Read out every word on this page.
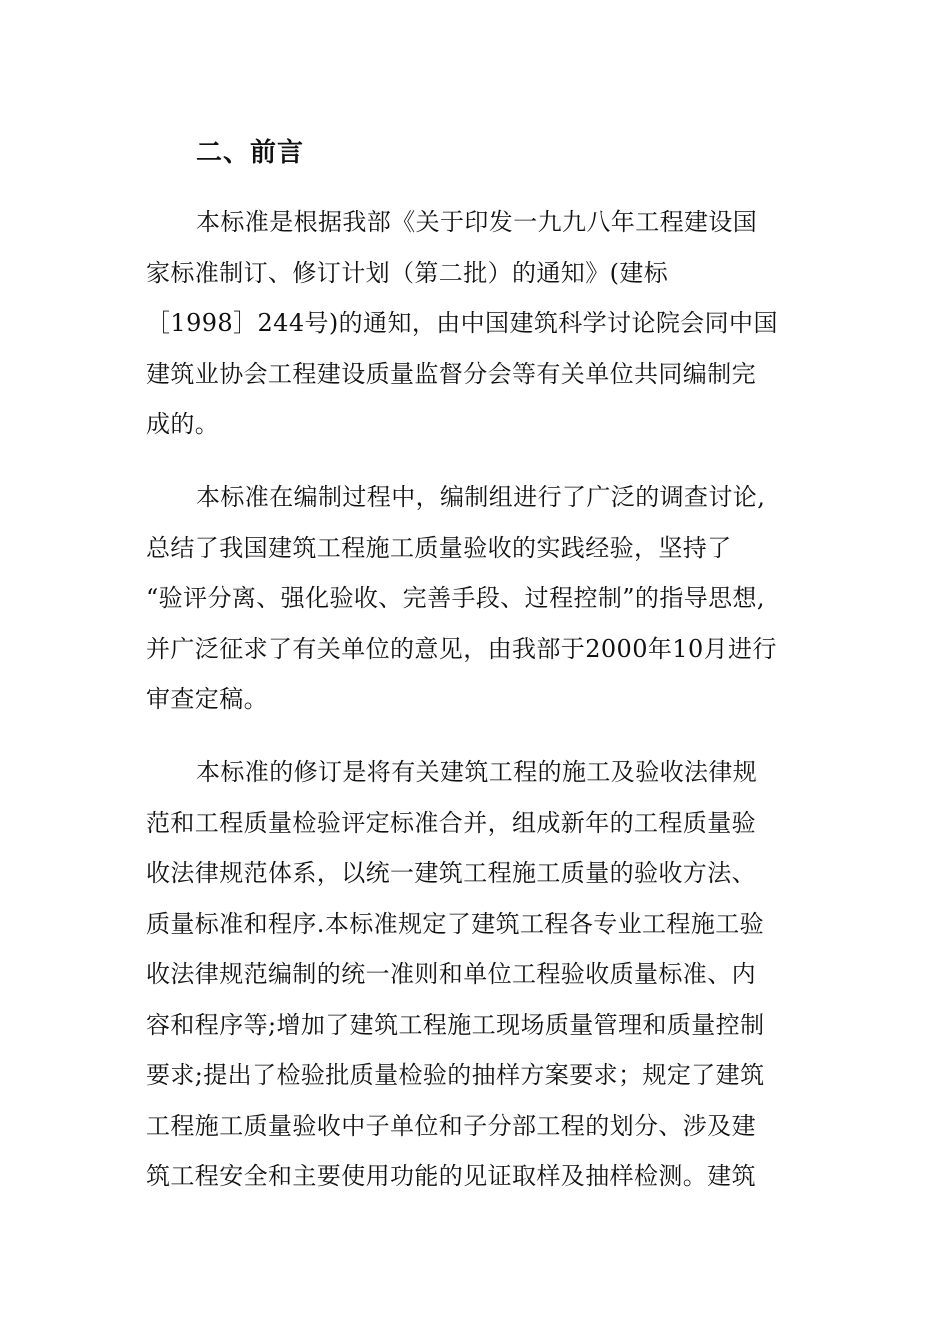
二、前言
本标准是根据我部《关于印发一九九八年工程建设国
家标准制订、修订计划（第二批）的通知》(建标
［1998］244号)的通知，由中国建筑科学讨论院会同中国
建筑业协会工程建设质量监督分会等有关单位共同编制完
成的。
本标准在编制过程中，编制组进行了广泛的调查讨论,
总结了我国建筑工程施工质量验收的实践经验，坚持了
“验评分离、强化验收、完善手段、过程控制”的指导思想,
并广泛征求了有关单位的意见，由我部于2000年10月进行
审查定稿。
本标准的修订是将有关建筑工程的施工及验收法律规
范和工程质量检验评定标准合并，组成新年的工程质量验
收法律规范体系，以统一建筑工程施工质量的验收方法、
质量标准和程序.本标准规定了建筑工程各专业工程施工验
收法律规范编制的统一准则和单位工程验收质量标准、内
容和程序等;增加了建筑工程施工现场质量管理和质量控制
要求;提出了检验批质量检验的抽样方案要求；规定了建筑
工程施工质量验收中子单位和子分部工程的划分、涉及建
筑工程安全和主要使用功能的见证取样及抽样检测。建筑
